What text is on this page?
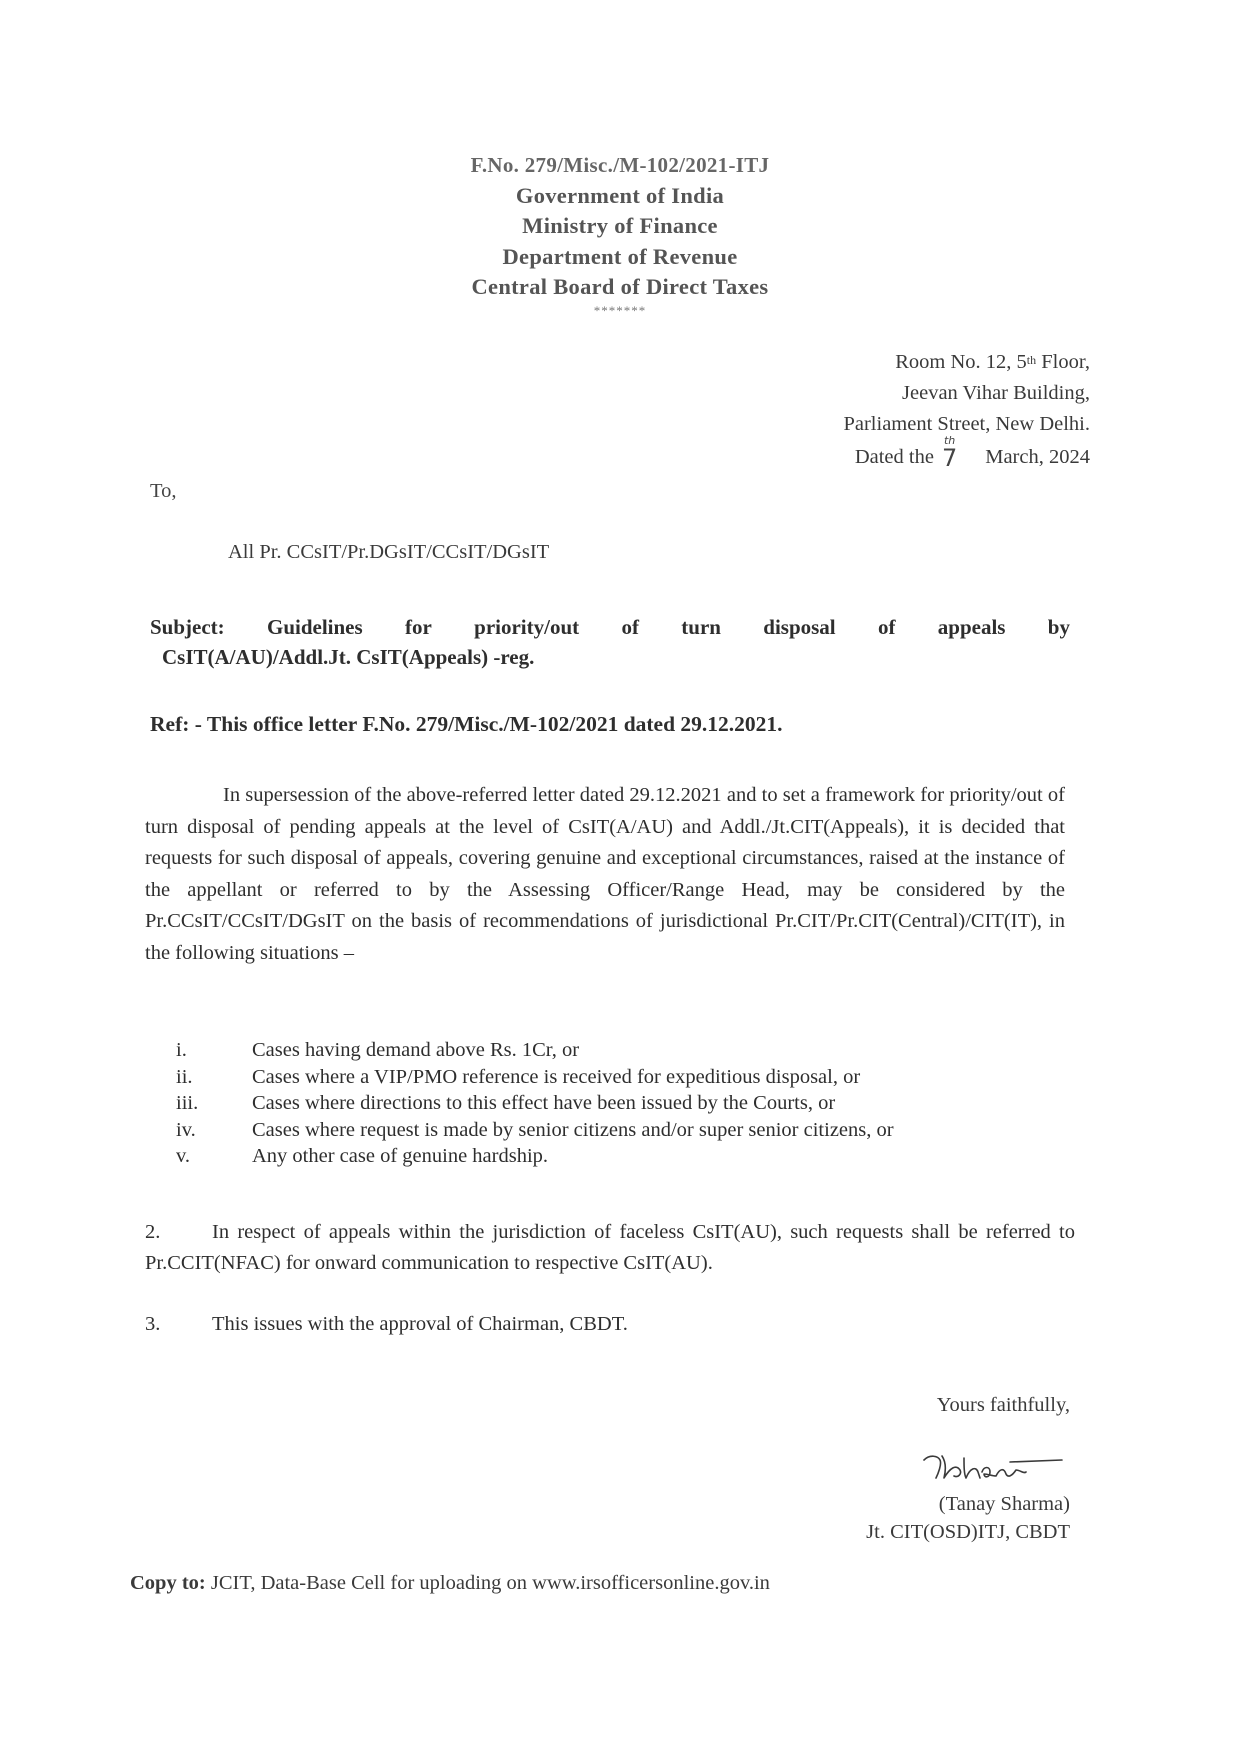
F.No. 279/Misc./M-102/2021-ITJ
Government of India
Ministry of Finance
Department of Revenue
Central Board of Direct Taxes
*******
Room No. 12, 5th Floor,
Jeevan Vihar Building,
Parliament Street, New Delhi.
Dated the
th
7 March, 2024
To,
All Pr. CCsIT/Pr.DGsIT/CCsIT/DGsIT
Subject: Guidelines for priority/out of turn disposal of appeals by
CsIT(A/AU)/Addl.Jt. CsIT(Appeals) -reg.
Ref: - This office letter F.No. 279/Misc./M-102/2021 dated 29.12.2021.
In supersession of the above-referred letter dated 29.12.2021 and to set a framework for priority/out of turn disposal of pending appeals at the level of CsIT(A/AU) and Addl./Jt.CIT(Appeals), it is decided that requests for such disposal of appeals, covering genuine and exceptional circumstances, raised at the instance of the appellant or referred to by the Assessing Officer/Range Head, may be considered by the Pr.CCsIT/CCsIT/DGsIT on the basis of recommendations of jurisdictional Pr.CIT/Pr.CIT(Central)/CIT(IT), in the following situations –
i.	Cases having demand above Rs. 1Cr, or
ii.	Cases where a VIP/PMO reference is received for expeditious disposal, or
iii.	Cases where directions to this effect have been issued by the Courts, or
iv.	Cases where request is made by senior citizens and/or super senior citizens, or
v.	Any other case of genuine hardship.
2.	In respect of appeals within the jurisdiction of faceless CsIT(AU), such requests shall be referred to Pr.CCIT(NFAC) for onward communication to respective CsIT(AU).
3.	This issues with the approval of Chairman, CBDT.
Yours faithfully,
(Tanay Sharma)
Jt. CIT(OSD)ITJ, CBDT
Copy to: JCIT, Data-Base Cell for uploading on www.irsofficersonline.gov.in
